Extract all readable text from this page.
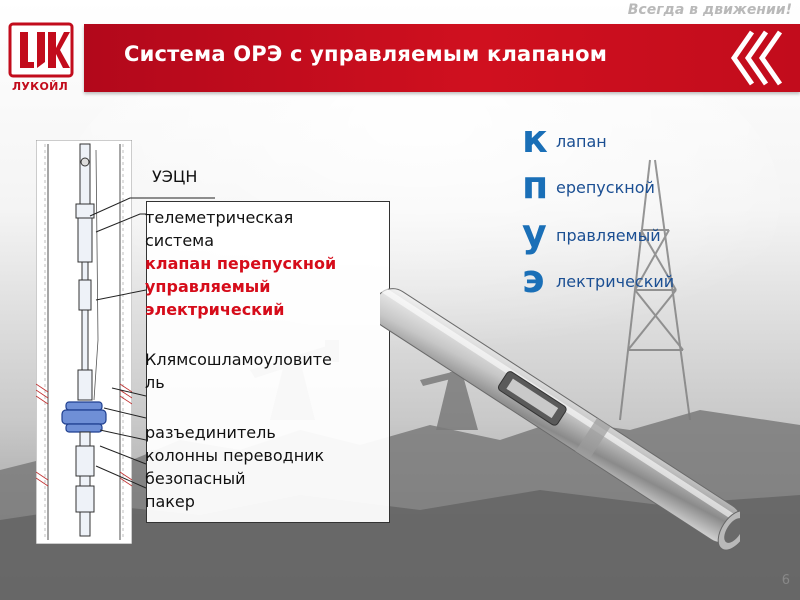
Всегда в движении!
ЛУКОЙЛ
Система ОРЭ с управляемым клапаном
УЭЦН
телеметрическая
система
клапан перепускной
управляемый
электрический
Клямсошламоуловите
ль
разъединитель
колонны переводник
безопасный
пакер
к лапан
п ерепускной
у правляемый
э лектрический
6
